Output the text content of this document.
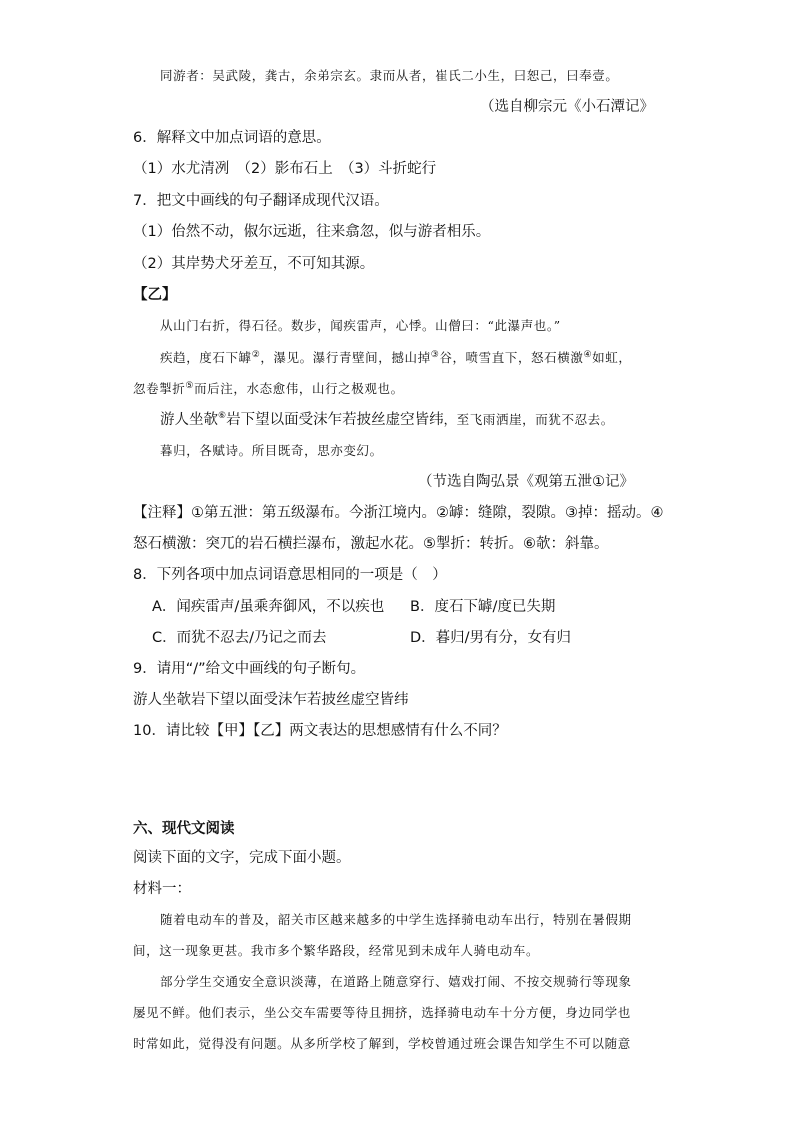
同游者：吴武陵，龚古，余弟宗玄。隶而从者，崔氏二小生，曰恕己，曰奉壹。
（选自柳宗元《小石潭记》
6．解释文中加点词语的意思。
（1）水尤清冽　（2）影布石上　（3）斗折蛇行
7．把文中画线的句子翻译成现代汉语。
（1）佁然不动，俶尔远逝，往来翕忽，似与游者相乐。
（2）其岸势犬牙差互，不可知其源。
【乙】
从山门右折，得石径。数步，闻疾雷声，心悸。山僧曰：“此瀑声也。”
疾趋，度石下罅②，瀑见。瀑行青壁间，撼山掉③谷，喷雪直下，怒石横激④如虹，
忽卷掣折⑤而后注，水态愈伟，山行之极观也。
游人坐欹⑥岩下望以面受沫乍若披丝虚空皆纬，至飞雨洒崖，而犹不忍去。
暮归，各赋诗。所目既奇，思亦变幻。
（节选自陶弘景《观第五泄①记》
【注释】①第五泄：第五级瀑布。今浙江境内。②罅：缝隙，裂隙。③掉：摇动。④
怒石横激：突兀的岩石横拦瀑布，激起水花。⑤掣折：转折。⑥欹：斜靠。
8．下列各项中加点词语意思相同的一项是（　）
A．闻疾雷声/虽乘奔御风，不以疾也 B．度石下罅/度已失期
C．而犹不忍去/乃记之而去	D．暮归/男有分，女有归
9．请用“/”给文中画线的句子断句。
游人坐欹岩下望以面受沫乍若披丝虚空皆纬
10．请比较【甲】【乙】两文表达的思想感情有什么不同？
六、现代文阅读
阅读下面的文字，完成下面小题。
材料一：
随着电动车的普及，韶关市区越来越多的中学生选择骑电动车出行，特别在暑假期
间，这一现象更甚。我市多个繁华路段，经常见到未成年人骑电动车。
部分学生交通安全意识淡薄，在道路上随意穿行、嬉戏打闹、不按交规骑行等现象
屡见不鲜。他们表示，坐公交车需要等待且拥挤，选择骑电动车十分方便，身边同学也
时常如此，觉得没有问题。从多所学校了解到，学校曾通过班会课告知学生不可以随意
